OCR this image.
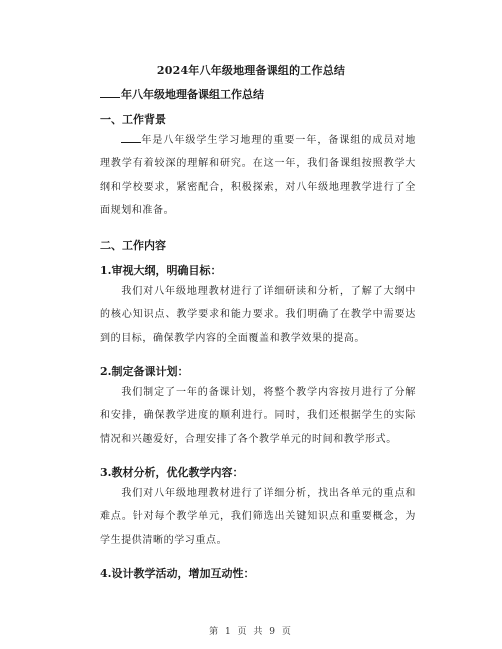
2024年八年级地理备课组的工作总结
年八年级地理备课组工作总结
一、工作背景
年是八年级学生学习地理的重要一年，备课组的成员对地理教学有着较深的理解和研究。在这一年，我们备课组按照教学大纲和学校要求，紧密配合，积极探索，对八年级地理教学进行了全面规划和准备。
二、工作内容
1.审视大纲，明确目标：
我们对八年级地理教材进行了详细研读和分析，了解了大纲中的核心知识点、教学要求和能力要求。我们明确了在教学中需要达到的目标，确保教学内容的全面覆盖和教学效果的提高。
2.制定备课计划：
我们制定了一年的备课计划，将整个教学内容按月进行了分解和安排，确保教学进度的顺利进行。同时，我们还根据学生的实际情况和兴趣爱好，合理安排了各个教学单元的时间和教学形式。
3.教材分析，优化教学内容：
我们对八年级地理教材进行了详细分析，找出各单元的重点和难点。针对每个教学单元，我们筛选出关键知识点和重要概念，为学生提供清晰的学习重点。
4.设计教学活动，增加互动性：
第 1 页 共 9 页
